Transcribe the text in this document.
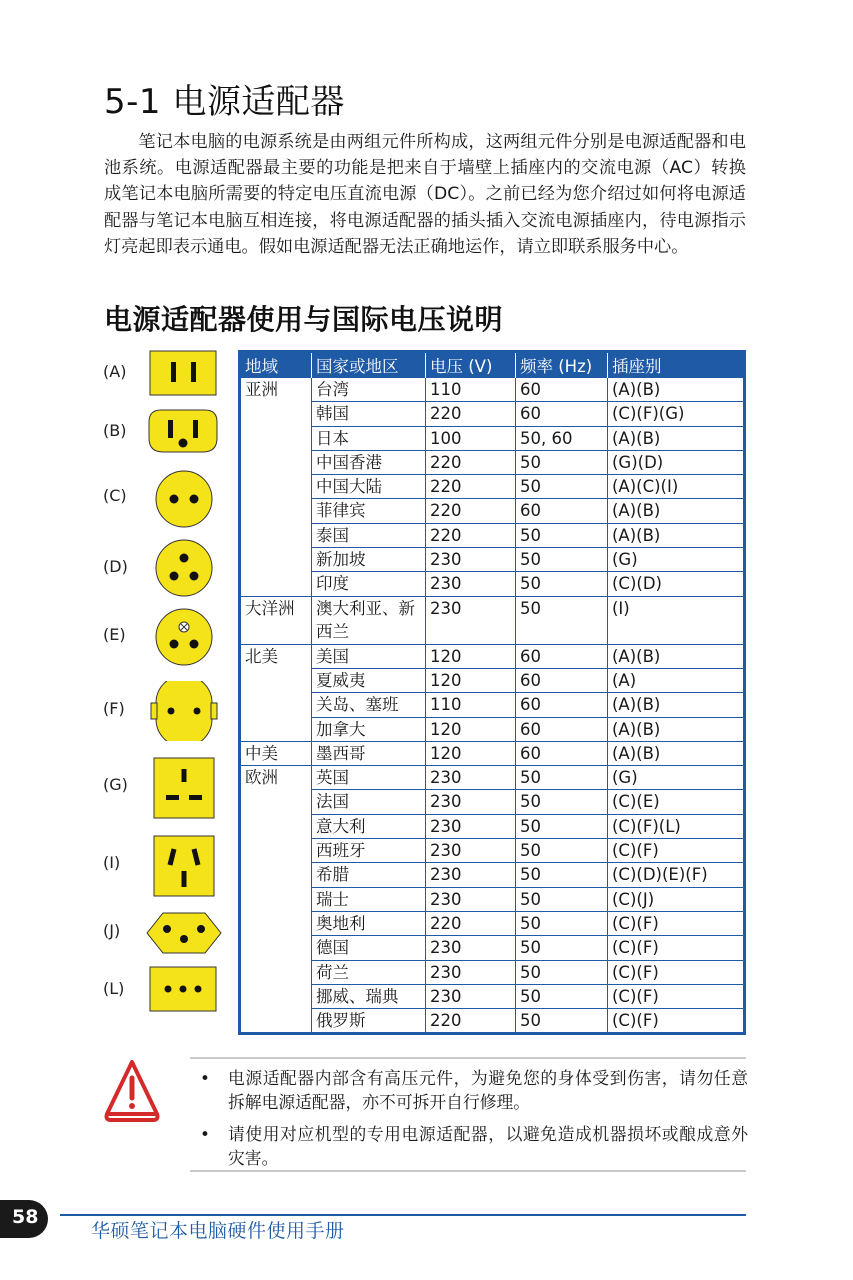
5-1 电源适配器

笔记本电脑的电源系统是由两组元件所构成，这两组元件分别是电源适配器和电池系统。电源适配器最主要的功能是把来自于墙壁上插座内的交流电源（AC）转换成笔记本电脑所需要的特定电压直流电源（DC）。之前已经为您介绍过如何将电源适配器与笔记本电脑互相连接，将电源适配器的插头插入交流电源插座内，待电源指示灯亮起即表示通电。假如电源适配器无法正确地运作，请立即联系服务中心。

电源适配器使用与国际电压说明
(A)
(B)
(C)
(D)
(E)
(F)
(G)
(I)
(J)
(L)
地域	国家或地区	电压 (V)	频率 (Hz)	插座别
亚洲	台湾	110	60	(A)(B)
	韩国	220	60	(C)(F)(G)
	日本	100	50, 60	(A)(B)
	中国香港	220	50	(G)(D)
	中国大陆	220	50	(A)(C)(I)
	菲律宾	220	60	(A)(B)
	泰国	220	50	(A)(B)
	新加坡	230	50	(G)
	印度	230	50	(C)(D)
大洋洲	澳大利亚、新西兰	230	50	(I)
北美	美国	120	60	(A)(B)
	夏威夷	120	60	(A)
	关岛、塞班	110	60	(A)(B)
	加拿大	120	60	(A)(B)
中美	墨西哥	120	60	(A)(B)
欧洲	英国	230	50	(G)
	法国	230	50	(C)(E)
	意大利	230	50	(C)(F)(L)
	西班牙	230	50	(C)(F)
	希腊	230	50	(C)(D)(E)(F)
	瑞士	230	50	(C)(J)
	奥地利	220	50	(C)(F)
	德国	230	50	(C)(F)
	荷兰	230	50	(C)(F)
	挪威、瑞典	230	50	(C)(F)
	俄罗斯	220	50	(C)(F)
• 电源适配器内部含有高压元件，为避免您的身体受到伤害，请勿任意拆解电源适配器，亦不可拆开自行修理。
• 请使用对应机型的专用电源适配器，以避免造成机器损坏或酿成意外灾害。
58
华硕笔记本电脑硬件使用手册
